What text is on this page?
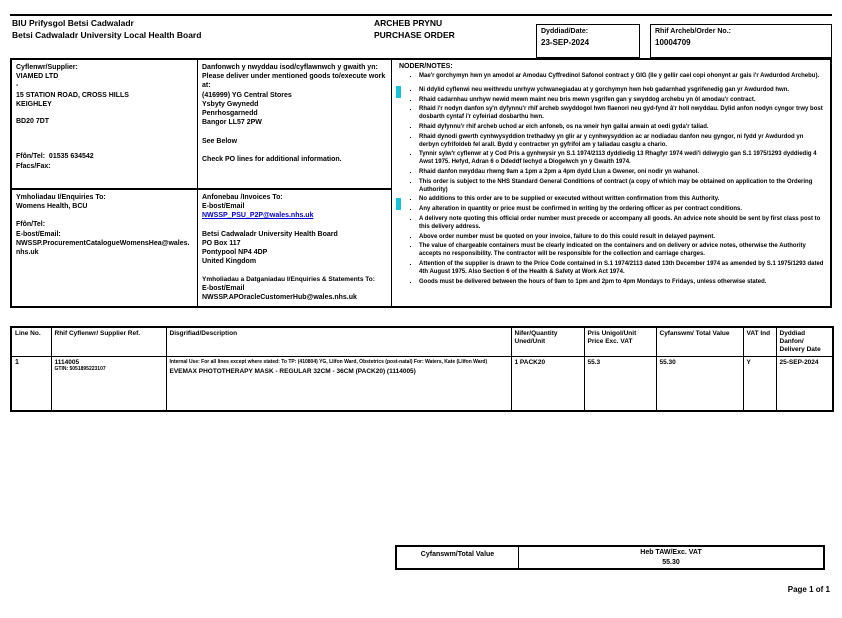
BIU Prifysgol Betsi Cadwaladr
Betsi Cadwaladr University Local Health Board
ARCHEB PRYNU
PURCHASE ORDER	Dyddiad/Date:
23-SEP-2024
Rhif Archeb/Order No.:
10004709
Cyflenwr/Supplier:
VIAMED LTD
-
15 STATION ROAD, CROSS HILLS
KEIGHLEY
BD20 7DT
Ffôn/Tel: 01535 634542
Ffacs/Fax:
Ymholiadau I/Enquiries To:
Womens Health, BCU
Ffôn/Tel:
E-bost/Email:
NWSSP.ProcurementCatalogueWomensHea@wales.nhs.uk
Danfonwch y nwyddau isod/cyflawnwch y gwaith yn: Please deliver under mentioned goods to/execute work at:
(416999) YG Central Stores
Ysbyty Gwynedd
Penrhosgarnedd
Bangor LL57 2PW
See Below
Check PO lines for additional information.
Anfonebau /Invoices To:
E-bost/Email
NWSSP_PSU_P2P@wales.nhs.uk
Betsi Cadwaladr University Health Board
PO Box 117
Pontypool NP4 4DP
United Kingdom
Ymholiadau a Datganiadau I/Enquiries & Statements To:
E-bost/Email
NWSSP.APOracleCustomerHub@wales.nhs.uk
NODER/NOTES:
▪ Mae'r gorchymyn hwn yn amodol ar Amodau Cyffredinol Safonol contract y GIG (lle y gellir cael copi ohonynt ar gais i'r Awdurdod Archebu).
▪ Ni ddylid cyflenwi neu weithredu unrhyw ychwanegiadau at y gorchymyn hwn heb gadarnhad ysgrifenedig gan yr Awdurdod hwn.
▪ Rhaid cadarnhau unrhyw newid mewn maint neu bris mewn ysgrifen gan y swyddog archebu yn ôl amodau'r contract.
▪ Rhaid i'r nodyn danfon sy'n dyfynnu'r rhif archeb swyddogol hwn flaenori neu gyd-fynd â'r holl nwyddau. Dylid anfon nodyn cyngor trwy bost dosbarth cyntaf i'r cyfeiriad dosbarthu hwn.
▪ Rhaid dyfynnu'r rhif archeb uchod ar eich anfoneb, os na wneir hyn gallai arwain at oedi gyda'r taliad.
▪ Rhaid dynodi gwerth cynhwysyddion trethadwy yn glir ar y cynhwysyddion ac ar nodiadau danfon neu gyngor, ni fydd yr Awdurdod yn derbyn cyfrifoldeb fel arall. Bydd y contractwr yn gyfrifol am y taliadau casglu a chario.
▪ Tynnir sylw'r cyflenwr at y Cod Pris a gynhwysir yn S.1 1974/2113 dyddiedig 13 Rhagfyr 1974 wedi'i ddiwygio gan S.1 1975/1293 dyddiedig 4 Awst 1975. Hefyd, Adran 6 o Ddeddf Iechyd a Diogelwch yn y Gwaith 1974.
▪ Rhaid danfon nwyddau rhwng 9am a 1pm a 2pm a 4pm dydd Llun a Gwener, oni nodir yn wahanol.
▪ This order is subject to the NHS Standard General Conditions of contract (a copy of which may be obtained on application to the Ordering Authority)
▪ No additions to this order are to be supplied or executed without written confirmation from this Authority.
▪ Any alteration in quantity or price must be confirmed in writing by the ordering officer as per contract conditions.
▪ A delivery note quoting this official order number must precede or accompany all goods. An advice note should be sent by first class post to this delivery address.
▪ Above order number must be quoted on your invoice, failure to do this could result in delayed payment.
▪ The value of chargeable containers must be clearly indicated on the containers and on delivery or advice notes, otherwise the Authority accepts no responsibility. The contractor will be responsible for the collection and carriage charges.
▪ Attention of the supplier is drawn to the Price Code contained in S.1 1974/2113 dated 13th December 1974 as amended by S.1 1975/1293 dated 4th August 1975. Also Section 6 of the Health & Safety at Work Act 1974.
▪ Goods must be delivered between the hours of 9am to 1pm and 2pm to 4pm Mondays to Fridays, unless otherwise stated.
Line No.	Rhif Cyflenwr/ Supplier Ref.	Disgrifiad/Description	Nifer/Quantity Uned/Unit	Pris Unigol/Unit Price Exc. VAT	Cyfanswm/ Total Value	VAT Ind	Dyddiad Danfon/ Delivery Date
1	1114005
GTIN: 5051895223107

Internal Use: For all lines except where stated: To TP: (410804) YG, Llifon Ward, Obstetrics (post-natal) For: Waters, Kate (Llifon Ward)
EVEMAX PHOTOTHERAPY MASK - REGULAR 32CM - 36CM (PACK20) (1114005)
	1 PACK20	55.3	55.30	Y	25-SEP-2024
Cyfanswm/Total Value	Heb TAW/Exc. VAT
55.30
Page 1 of 1
